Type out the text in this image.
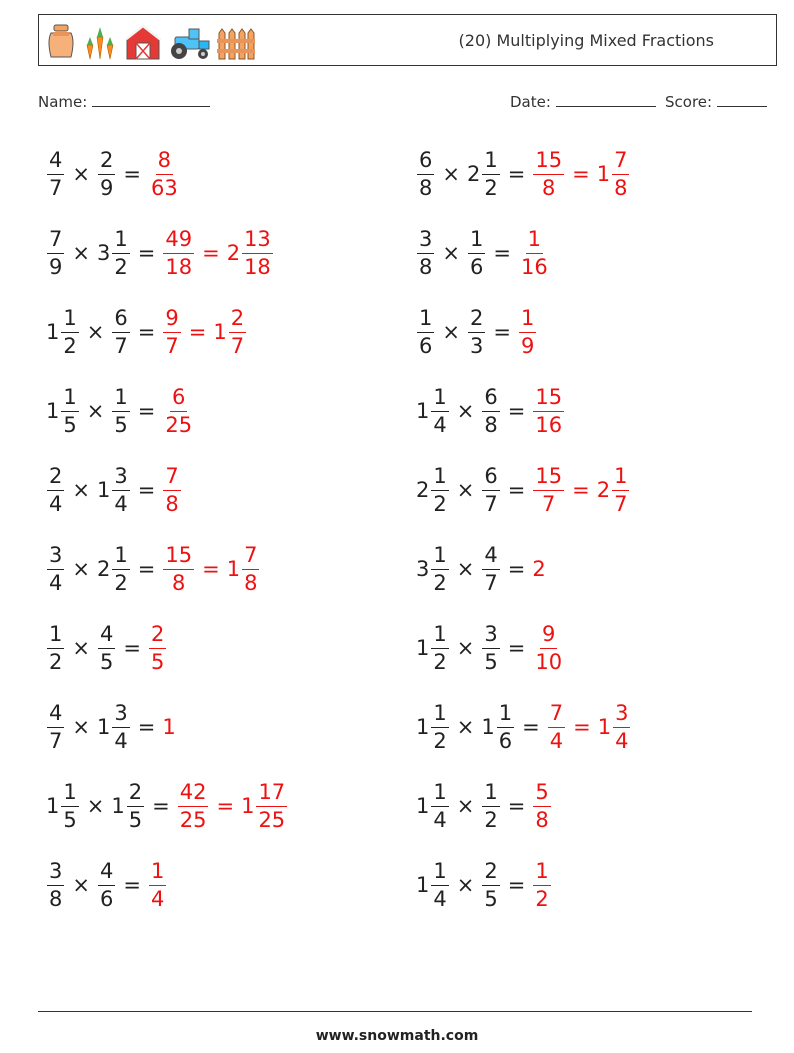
(20) Multiplying Mixed Fractions
Name:	Date:	Score:
$\frac{4}{7} \times \frac{2}{9} = \frac{8}{63}$	$\frac{6}{8} \times 2 \frac{1}{2} = \frac{15}{8} = 1 \frac{7}{8}$
$\frac{7}{9} \times 3 \frac{1}{2} = \frac{49}{18} = 2 \frac{13}{18}$	$\frac{3}{8} \times \frac{1}{6} = \frac{1}{16}$
$1 \frac{1}{2} \times \frac{6}{7} = \frac{9}{7} = 1 \frac{2}{7}$	$\frac{1}{6} \times \frac{2}{3} = \frac{1}{9}$
$1 \frac{1}{5} \times \frac{1}{5} = \frac{6}{25}$	$1 \frac{1}{4} \times \frac{6}{8} = \frac{15}{16}$
$\frac{2}{4} \times 1 \frac{3}{4} = \frac{7}{8}$	$2 \frac{1}{2} \times \frac{6}{7} = \frac{15}{7} = 2 \frac{1}{7}$
$\frac{3}{4} \times 2 \frac{1}{2} = \frac{15}{8} = 1 \frac{7}{8}$	$3 \frac{1}{2} \times \frac{4}{7} = 2$
$\frac{1}{2} \times \frac{4}{5} = \frac{2}{5}$	$1 \frac{1}{2} \times \frac{3}{5} = \frac{9}{10}$
$\frac{4}{7} \times 1 \frac{3}{4} = 1$	$1 \frac{1}{2} \times 1 \frac{1}{6} = \frac{7}{4} = 1 \frac{3}{4}$
$1 \frac{1}{5} \times 1 \frac{2}{5} = \frac{42}{25} = 1 \frac{17}{25}$	$1 \frac{1}{4} \times \frac{1}{2} = \frac{5}{8}$
$\frac{3}{8} \times \frac{4}{6} = \frac{1}{4}$	$1 \frac{1}{4} \times \frac{2}{5} = \frac{1}{2}$
www.snowmath.com
